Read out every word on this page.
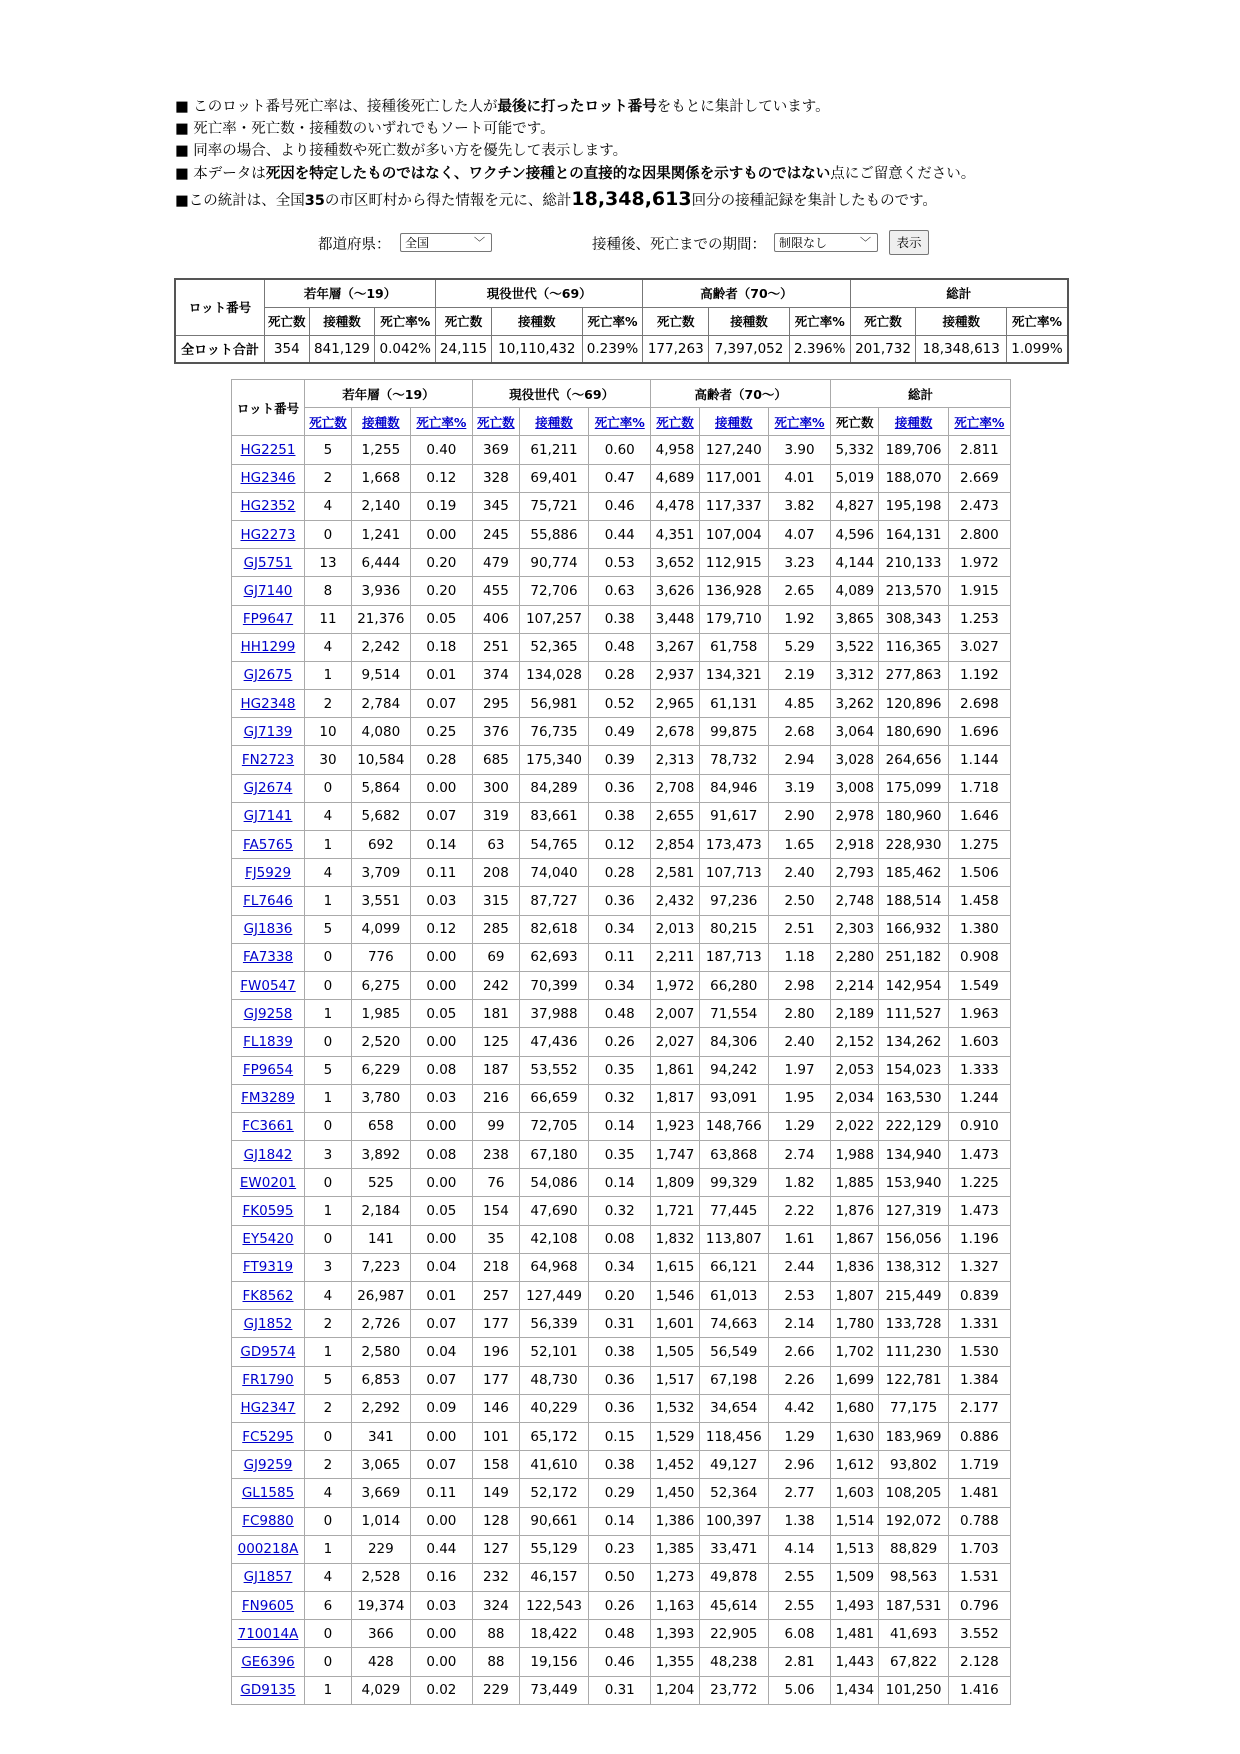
■ このロット番号死亡率は、接種後死亡した人が最後に打ったロット番号をもとに集計しています。
■ 死亡率・死亡数・接種数のいずれでもソート可能です。
■ 同率の場合、より接種数や死亡数が多い方を優先して表示します。
■ 本データは死因を特定したものではなく、ワクチン接種との直接的な因果関係を示すものではない点にご留意ください。
■この統計は、全国35の市区町村から得た情報を元に、総計18,348,613回分の接種記録を集計したものです。
都道府県：	全国	﹀	接種後、死亡までの期間：	制限なし	﹀	表示
ロット番号	若年層（～19）			現役世代（～69）			高齢者（70～）			総計		
	死亡数	接種数	死亡率%	死亡数	接種数	死亡率%	死亡数	接種数	死亡率%	死亡数	接種数	死亡率%
全ロット合計	354	841,129	0.042%	24,115	10,110,432	0.239%	177,263	7,397,052	2.396%	201,732	18,348,613	1.099%
ロット番号	若年層（～19）			現役世代（～69）			高齢者（70～）			総計		
	死亡数	接種数	死亡率%	死亡数	接種数	死亡率%	死亡数	接種数	死亡率%	死亡数	接種数	死亡率%
HG2251	5	1,255	0.40	369	61,211	0.60	4,958	127,240	3.90	5,332	189,706	2.811
HG2346	2	1,668	0.12	328	69,401	0.47	4,689	117,001	4.01	5,019	188,070	2.669
HG2352	4	2,140	0.19	345	75,721	0.46	4,478	117,337	3.82	4,827	195,198	2.473
HG2273	0	1,241	0.00	245	55,886	0.44	4,351	107,004	4.07	4,596	164,131	2.800
GJ5751	13	6,444	0.20	479	90,774	0.53	3,652	112,915	3.23	4,144	210,133	1.972
GJ7140	8	3,936	0.20	455	72,706	0.63	3,626	136,928	2.65	4,089	213,570	1.915
FP9647	11	21,376	0.05	406	107,257	0.38	3,448	179,710	1.92	3,865	308,343	1.253
HH1299	4	2,242	0.18	251	52,365	0.48	3,267	61,758	5.29	3,522	116,365	3.027
GJ2675	1	9,514	0.01	374	134,028	0.28	2,937	134,321	2.19	3,312	277,863	1.192
HG2348	2	2,784	0.07	295	56,981	0.52	2,965	61,131	4.85	3,262	120,896	2.698
GJ7139	10	4,080	0.25	376	76,735	0.49	2,678	99,875	2.68	3,064	180,690	1.696
FN2723	30	10,584	0.28	685	175,340	0.39	2,313	78,732	2.94	3,028	264,656	1.144
GJ2674	0	5,864	0.00	300	84,289	0.36	2,708	84,946	3.19	3,008	175,099	1.718
GJ7141	4	5,682	0.07	319	83,661	0.38	2,655	91,617	2.90	2,978	180,960	1.646
FA5765	1	692	0.14	63	54,765	0.12	2,854	173,473	1.65	2,918	228,930	1.275
FJ5929	4	3,709	0.11	208	74,040	0.28	2,581	107,713	2.40	2,793	185,462	1.506
FL7646	1	3,551	0.03	315	87,727	0.36	2,432	97,236	2.50	2,748	188,514	1.458
GJ1836	5	4,099	0.12	285	82,618	0.34	2,013	80,215	2.51	2,303	166,932	1.380
FA7338	0	776	0.00	69	62,693	0.11	2,211	187,713	1.18	2,280	251,182	0.908
FW0547	0	6,275	0.00	242	70,399	0.34	1,972	66,280	2.98	2,214	142,954	1.549
GJ9258	1	1,985	0.05	181	37,988	0.48	2,007	71,554	2.80	2,189	111,527	1.963
FL1839	0	2,520	0.00	125	47,436	0.26	2,027	84,306	2.40	2,152	134,262	1.603
FP9654	5	6,229	0.08	187	53,552	0.35	1,861	94,242	1.97	2,053	154,023	1.333
FM3289	1	3,780	0.03	216	66,659	0.32	1,817	93,091	1.95	2,034	163,530	1.244
FC3661	0	658	0.00	99	72,705	0.14	1,923	148,766	1.29	2,022	222,129	0.910
GJ1842	3	3,892	0.08	238	67,180	0.35	1,747	63,868	2.74	1,988	134,940	1.473
EW0201	0	525	0.00	76	54,086	0.14	1,809	99,329	1.82	1,885	153,940	1.225
FK0595	1	2,184	0.05	154	47,690	0.32	1,721	77,445	2.22	1,876	127,319	1.473
EY5420	0	141	0.00	35	42,108	0.08	1,832	113,807	1.61	1,867	156,056	1.196
FT9319	3	7,223	0.04	218	64,968	0.34	1,615	66,121	2.44	1,836	138,312	1.327
FK8562	4	26,987	0.01	257	127,449	0.20	1,546	61,013	2.53	1,807	215,449	0.839
GJ1852	2	2,726	0.07	177	56,339	0.31	1,601	74,663	2.14	1,780	133,728	1.331
GD9574	1	2,580	0.04	196	52,101	0.38	1,505	56,549	2.66	1,702	111,230	1.530
FR1790	5	6,853	0.07	177	48,730	0.36	1,517	67,198	2.26	1,699	122,781	1.384
HG2347	2	2,292	0.09	146	40,229	0.36	1,532	34,654	4.42	1,680	77,175	2.177
FC5295	0	341	0.00	101	65,172	0.15	1,529	118,456	1.29	1,630	183,969	0.886
GJ9259	2	3,065	0.07	158	41,610	0.38	1,452	49,127	2.96	1,612	93,802	1.719
GL1585	4	3,669	0.11	149	52,172	0.29	1,450	52,364	2.77	1,603	108,205	1.481
FC9880	0	1,014	0.00	128	90,661	0.14	1,386	100,397	1.38	1,514	192,072	0.788
000218A	1	229	0.44	127	55,129	0.23	1,385	33,471	4.14	1,513	88,829	1.703
GJ1857	4	2,528	0.16	232	46,157	0.50	1,273	49,878	2.55	1,509	98,563	1.531
FN9605	6	19,374	0.03	324	122,543	0.26	1,163	45,614	2.55	1,493	187,531	0.796
710014A	0	366	0.00	88	18,422	0.48	1,393	22,905	6.08	1,481	41,693	3.552
GE6396	0	428	0.00	88	19,156	0.46	1,355	48,238	2.81	1,443	67,822	2.128
GD9135	1	4,029	0.02	229	73,449	0.31	1,204	23,772	5.06	1,434	101,250	1.416
